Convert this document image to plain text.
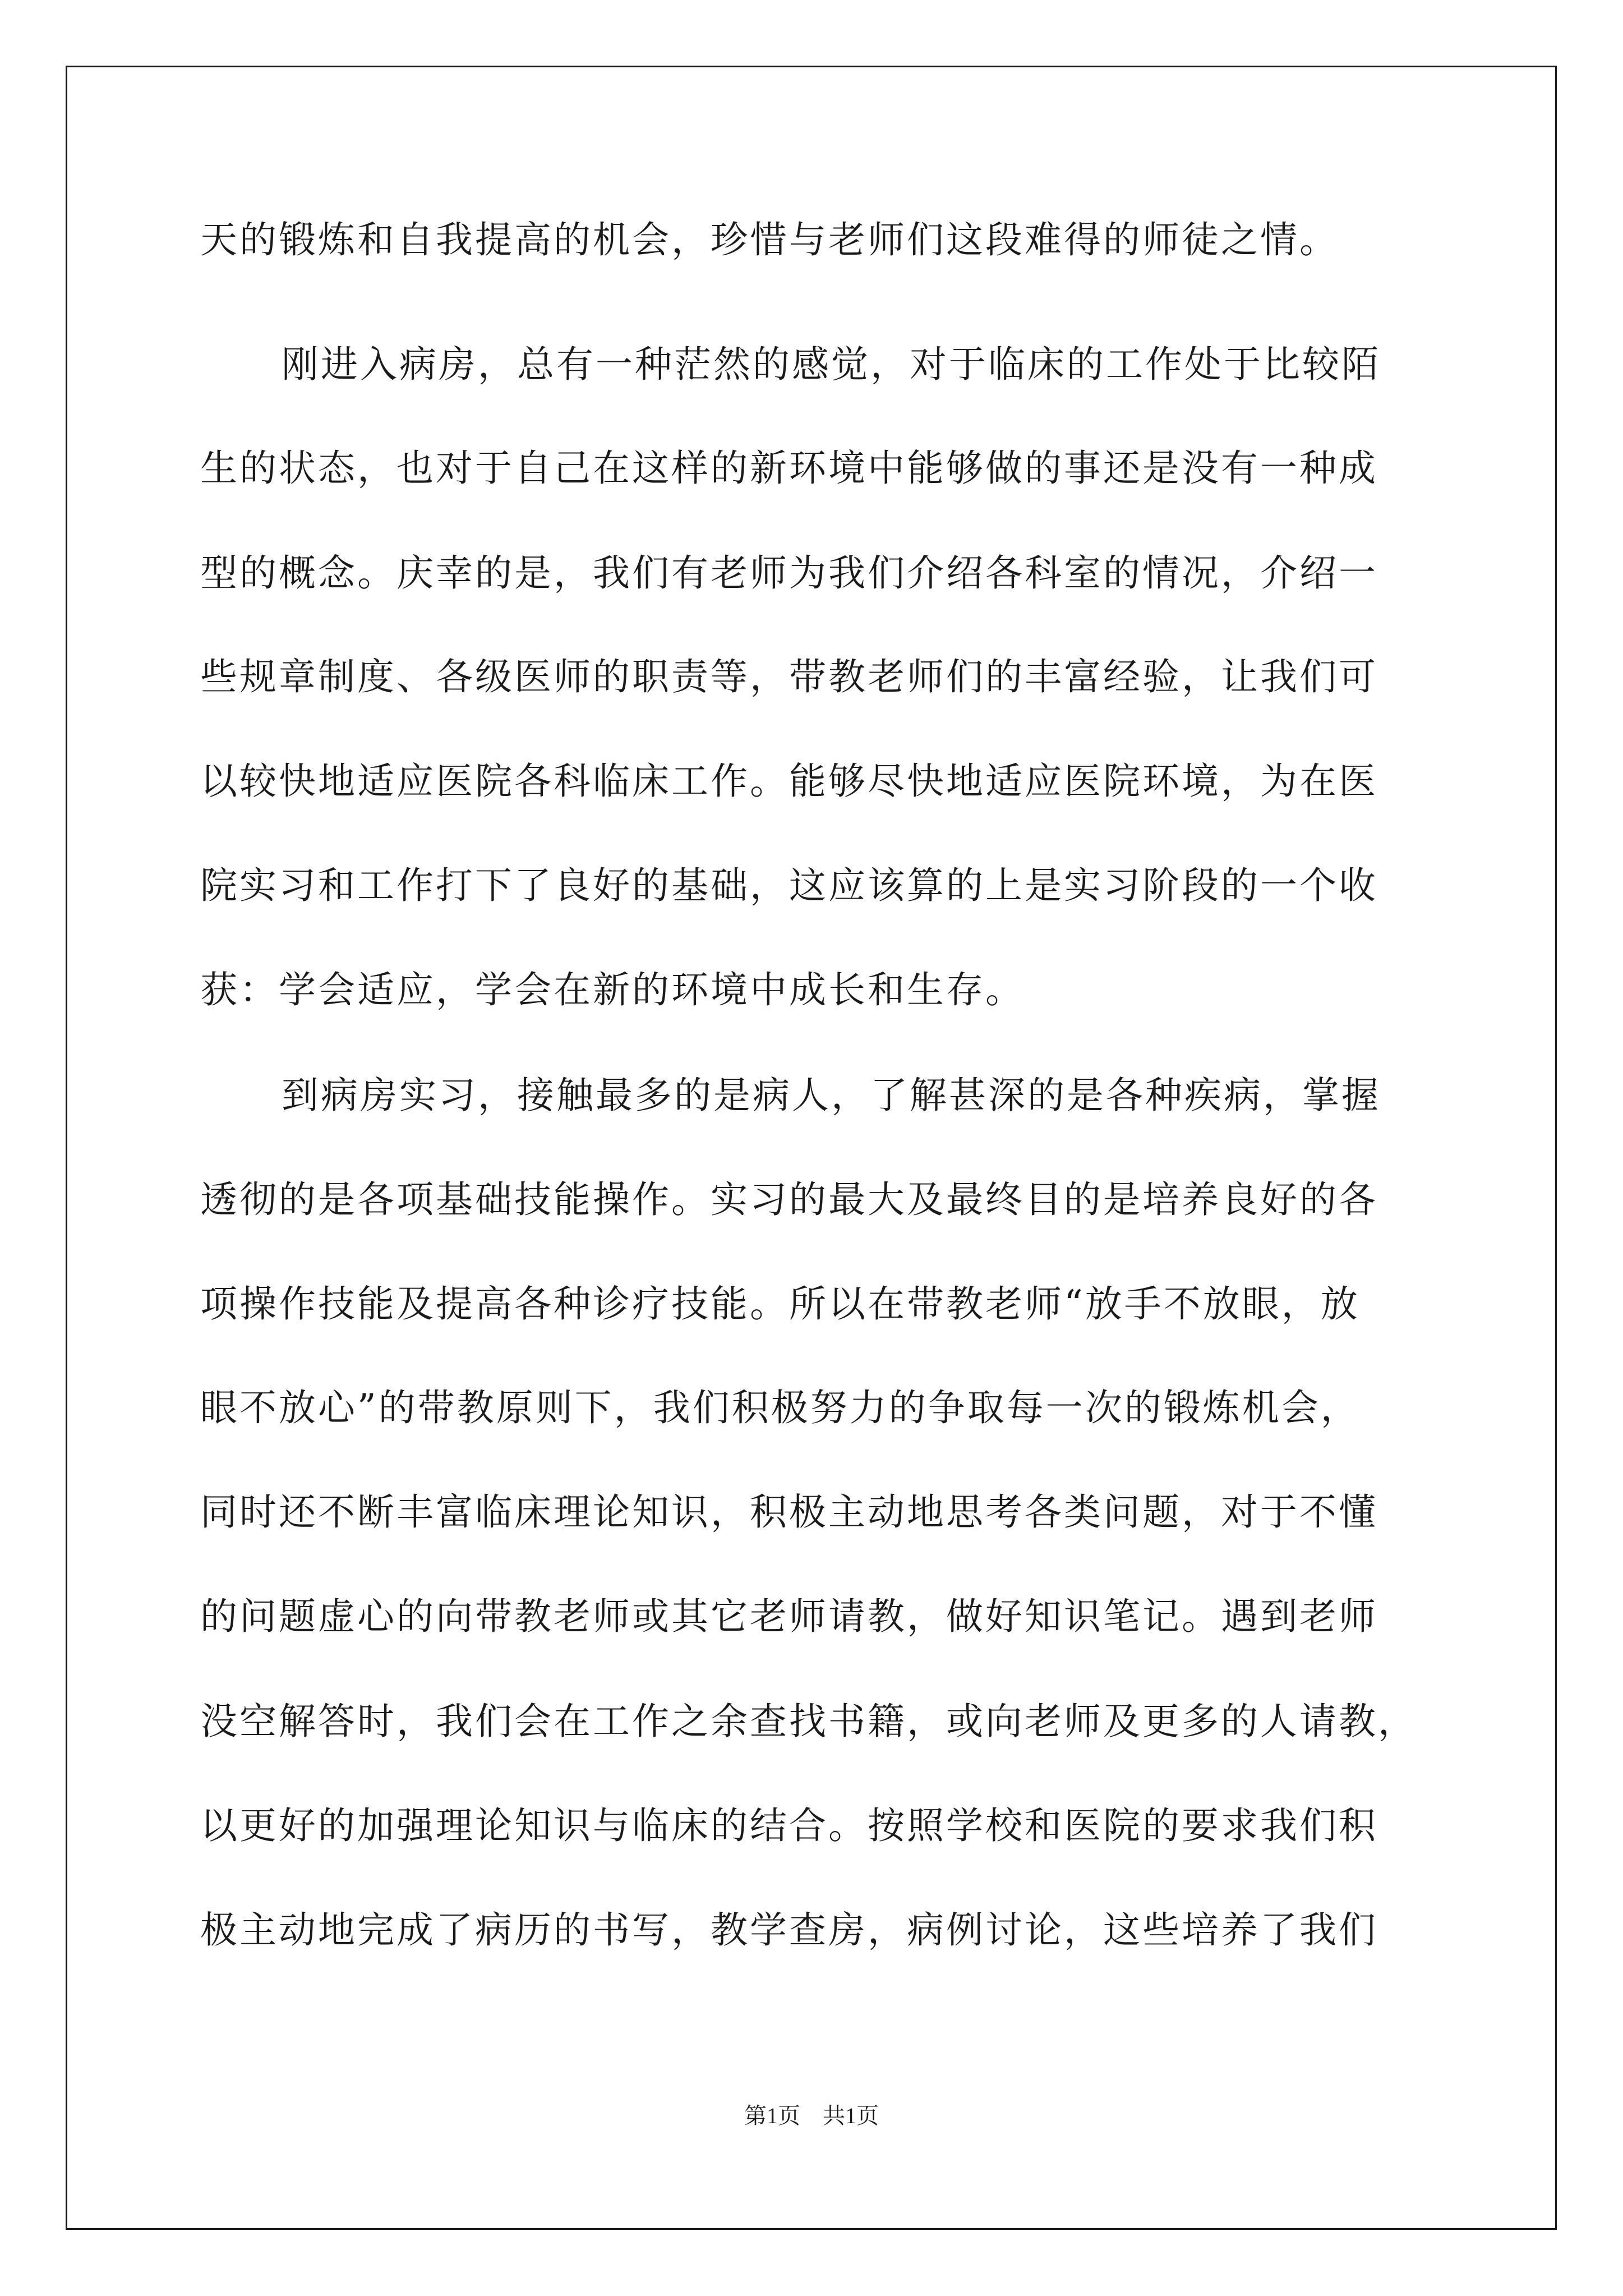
天的锻炼和自我提高的机会，珍惜与老师们这段难得的师徒之情。
刚进入病房，总有一种茫然的感觉，对于临床的工作处于比较陌
生的状态，也对于自己在这样的新环境中能够做的事还是没有一种成
型的概念。庆幸的是，我们有老师为我们介绍各科室的情况，介绍一
些规章制度、各级医师的职责等，带教老师们的丰富经验，让我们可
以较快地适应医院各科临床工作。能够尽快地适应医院环境，为在医
院实习和工作打下了良好的基础，这应该算的上是实习阶段的一个收
获：学会适应，学会在新的环境中成长和生存。
到病房实习，接触最多的是病人，了解甚深的是各种疾病，掌握
透彻的是各项基础技能操作。实习的最大及最终目的是培养良好的各
项操作技能及提高各种诊疗技能。所以在带教老师“放手不放眼，放
眼不放心”的带教原则下，我们积极努力的争取每一次的锻炼机会，
同时还不断丰富临床理论知识，积极主动地思考各类问题，对于不懂
的问题虚心的向带教老师或其它老师请教，做好知识笔记。遇到老师
没空解答时，我们会在工作之余查找书籍，或向老师及更多的人请教，
以更好的加强理论知识与临床的结合。按照学校和医院的要求我们积
极主动地完成了病历的书写，教学查房，病例讨论，这些培养了我们
第1页　共1页
